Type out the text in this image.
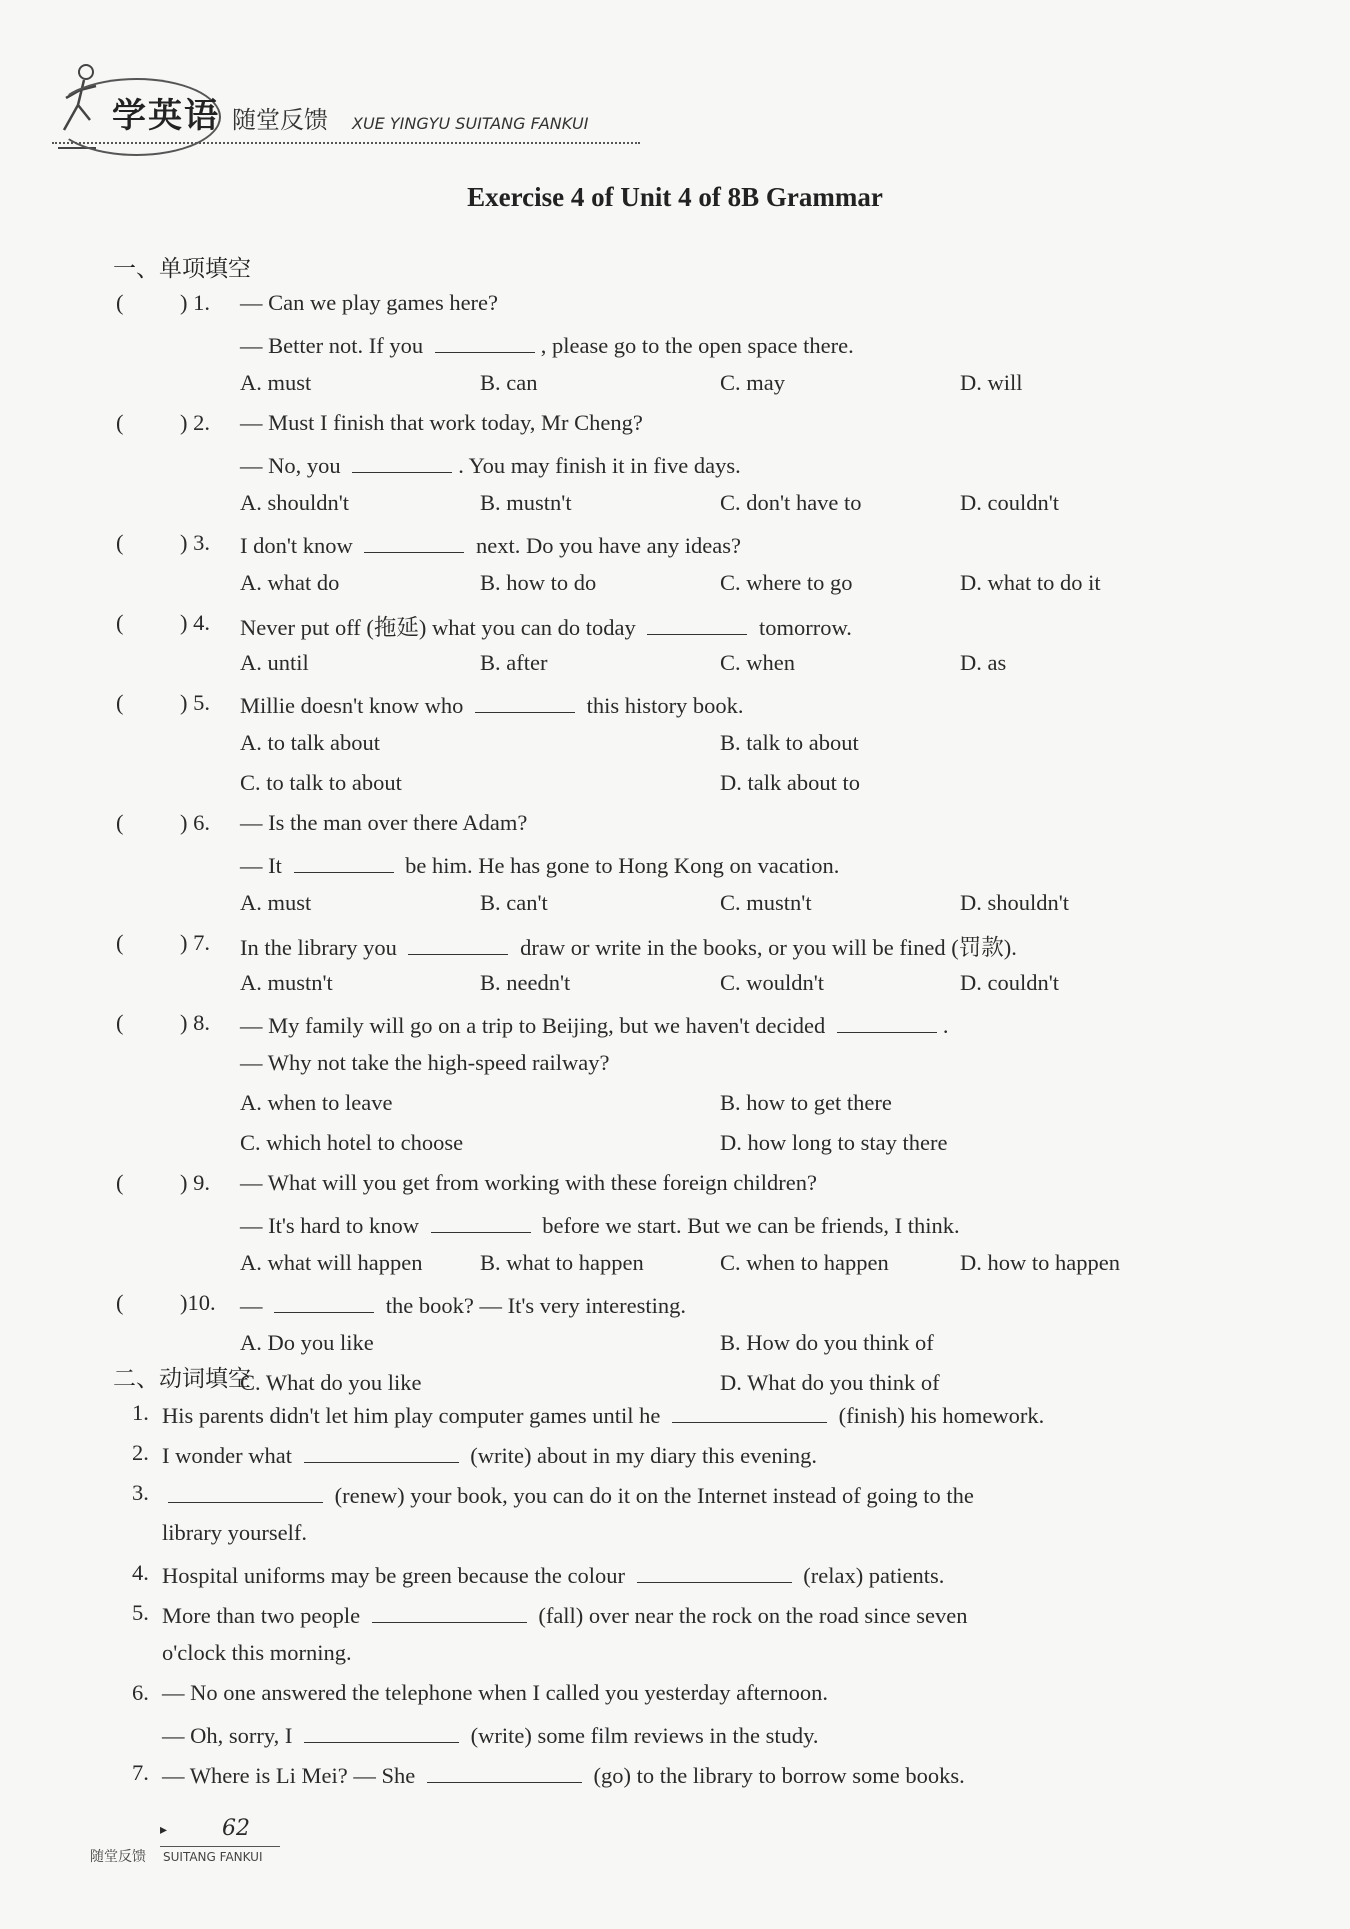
学英语 随堂反馈 XUE YINGYU SUITANG FANKUI
Exercise 4 of Unit 4 of 8B Grammar
一、单项填空
(	) 1. — Can we play games here?
— Better not. If you	, please go to the open space there.
A. must	B. can	C. may	D. will
(	) 2. — Must I finish that work today, Mr Cheng?
— No, you	. You may finish it in five days.
A. shouldn't	B. mustn't	C. don't have to	D. couldn't
(	) 3. I don't know	next. Do you have any ideas?
A. what do	B. how to do	C. where to go	D. what to do it
(	) 4. Never put off (拖延) what you can do today	tomorrow.
A. until	B. after	C. when	D. as
(	) 5. Millie doesn't know who	this history book.
A. to talk about	B. talk to about
C. to talk to about	D. talk about to
(	) 6. — Is the man over there Adam?
— It	be him. He has gone to Hong Kong on vacation.
A. must	B. can't	C. mustn't	D. shouldn't
(	) 7. In the library you	draw or write in the books, or you will be fined (罚款).
A. mustn't	B. needn't	C. wouldn't	D. couldn't
(	) 8. — My family will go on a trip to Beijing, but we haven't decided	.
— Why not take the high-speed railway?
A. when to leave	B. how to get there
C. which hotel to choose	D. how long to stay there
(	) 9. — What will you get from working with these foreign children?
— It's hard to know	before we start. But we can be friends, I think.
A. what will happen	B. what to happen	C. when to happen	D. how to happen
(	)10. —	the book? — It's very interesting.
A. Do you like	B. How do you think of
C. What do you like	D. What do you think of
二、动词填空
1. His parents didn't let him play computer games until he	(finish) his homework.
2. I wonder what	(write) about in my diary this evening.
3.	(renew) your book, you can do it on the Internet instead of going to the
library yourself.
4. Hospital uniforms may be green because the colour	(relax) patients.
5. More than two people	(fall) over near the rock on the road since seven
o'clock this morning.
6. — No one answered the telephone when I called you yesterday afternoon.
— Oh, sorry, I	(write) some film reviews in the study.
7. — Where is Li Mei? — She	(go) to the library to borrow some books.
▸ 62
随堂反馈 SUITANG FANKUI
